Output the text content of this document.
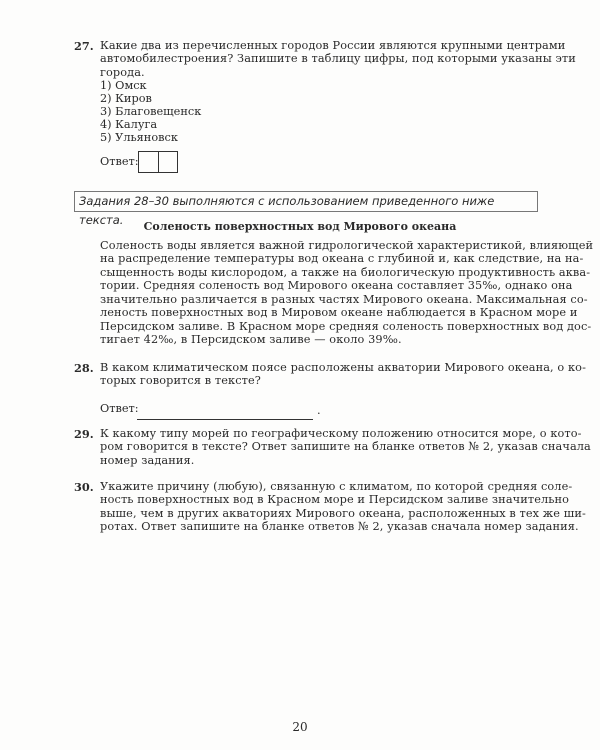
27. Какие два из перечисленных городов России являются крупными центрами
автомобилестроения? Запишите в таблицу цифры, под которыми указаны эти
города.
1) Омск
2) Киров
3) Благовещенск
4) Калуга
5) Ульяновск
Ответ:
Задания 28–30 выполняются с использованием приведенного ниже текста.	Соленость поверхностных вод Мирового океана
Соленость воды является важной гидрологической характеристикой, влияющей
на распределение температуры вод океана с глубиной и, как следствие, на на-
сыщенность воды кислородом, а также на биологическую продуктивность аква-
тории. Средняя соленость вод Мирового океана составляет 35‰, однако она
значительно различается в разных частях Мирового океана. Максимальная со-
леность поверхностных вод в Мировом океане наблюдается в Красном море и
Персидском заливе. В Красном море средняя соленость поверхностных вод дос-
тигает 42‰, в Персидском заливе — около 39‰.
28. В каком климатическом поясе расположены акватории Мирового океана, о ко-
торых говорится в тексте?
Ответ:	.
29. К какому типу морей по географическому положению относится море, о кото-
ром говорится в тексте? Ответ запишите на бланке ответов № 2, указав сначала
номер задания.
30. Укажите причину (любую), связанную с климатом, по которой средняя соле-
ность поверхностных вод в Красном море и Персидском заливе значительно
выше, чем в других акваториях Мирового океана, расположенных в тех же ши-
ротах. Ответ запишите на бланке ответов № 2, указав сначала номер задания.
20
